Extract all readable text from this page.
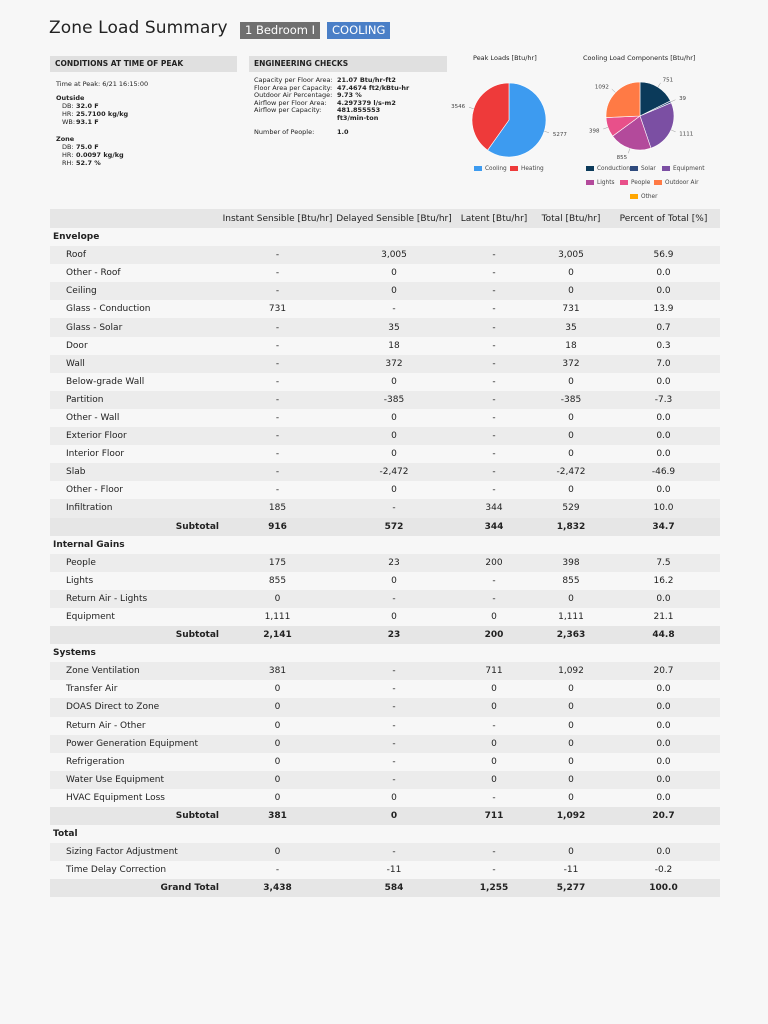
Zone Load Summary	1 Bedroom I	COOLING
CONDITIONS AT TIME OF PEAK
Time at Peak: 6/21 16:15:00
Outside
DB: 32.0 F
HR: 25.7100 kg/kg
WB: 93.1 F
Zone
DB: 75.0 F
HR: 0.0097 kg/kg
RH: 52.7 %
ENGINEERING CHECKS
Capacity per Floor Area: 21.07 Btu/hr-ft2
Floor Area per Capacity: 47.4674 ft2/kBtu-hr
Outdoor Air Percentage: 9.73 %
Airflow per Floor Area: 4.297379 l/s-m2
Airflow per Capacity: 481.855553
ft3/min-ton
Number of People:	1.0
Peak Loads [Btu/hr]
5277
3546
Cooling	Heating
Cooling Load Components [Btu/hr]
751
39
1111
855
398
1092
Conduction	Solar	Equipment
Lights	People	Outdoor Air
Other
	Instant Sensible [Btu/hr]	Delayed Sensible [Btu/hr]	Latent [Btu/hr]	Total [Btu/hr]	Percent of Total [%]
Envelope					
Roof	-	3,005	-	3,005	56.9
Other - Roof	-	0	-	0	0.0
Ceiling	-	0	-	0	0.0
Glass - Conduction	731	-	-	731	13.9
Glass - Solar	-	35	-	35	0.7
Door	-	18	-	18	0.3
Wall	-	372	-	372	7.0
Below-grade Wall	-	0	-	0	0.0
Partition	-	-385	-	-385	-7.3
Other - Wall	-	0	-	0	0.0
Exterior Floor	-	0	-	0	0.0
Interior Floor	-	0	-	0	0.0
Slab	-	-2,472	-	-2,472	-46.9
Other - Floor	-	0	-	0	0.0
Infiltration	185	-	344	529	10.0
Subtotal	916	572	344	1,832	34.7
Internal Gains					
People	175	23	200	398	7.5
Lights	855	0	-	855	16.2
Return Air - Lights	0	-	-	0	0.0
Equipment	1,111	0	0	1,111	21.1
Subtotal	2,141	23	200	2,363	44.8
Systems					
Zone Ventilation	381	-	711	1,092	20.7
Transfer Air	0	-	0	0	0.0
DOAS Direct to Zone	0	-	0	0	0.0
Return Air - Other	0	-	-	0	0.0
Power Generation Equipment	0	-	0	0	0.0
Refrigeration	0	-	0	0	0.0
Water Use Equipment	0	-	0	0	0.0
HVAC Equipment Loss	0	0	-	0	0.0
Subtotal	381	0	711	1,092	20.7
Total					
Sizing Factor Adjustment	0	-	-	0	0.0
Time Delay Correction	-	-11	-	-11	-0.2
Grand Total	3,438	584	1,255	5,277	100.0
